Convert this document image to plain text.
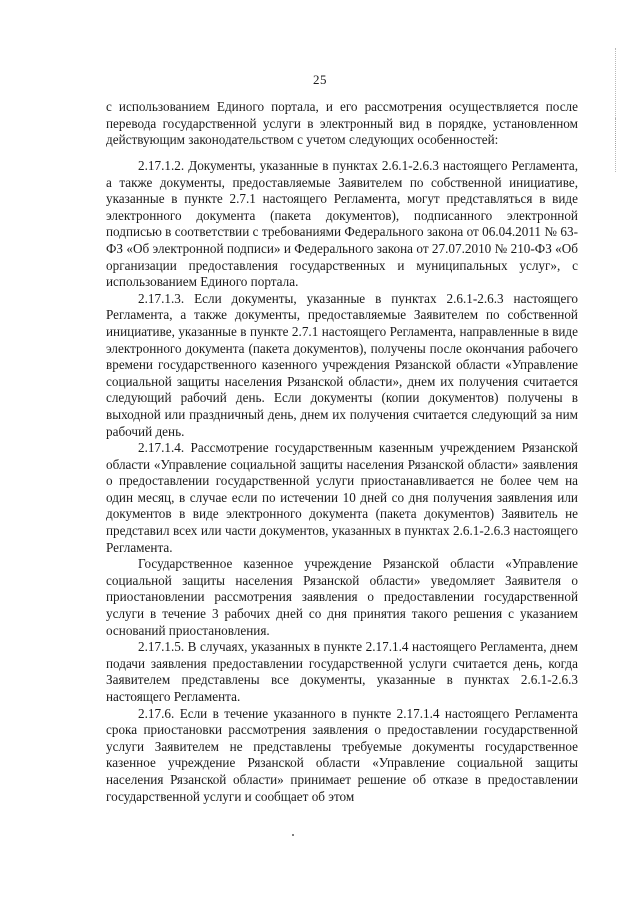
25
с использованием Единого портала, и его рассмотрения осуществляется после перевода государственной услуги в электронный вид в порядке, установленном действующим законодательством с учетом следующих особенностей:

2.17.1.2. Документы, указанные в пунктах 2.6.1-2.6.3 настоящего Регламента, а также документы, предоставляемые Заявителем по собственной инициативе, указанные в пункте 2.7.1 настоящего Регламента, могут представляться в виде электронного документа (пакета документов), подписанного электронной подписью в соответствии с требованиями Федерального закона от 06.04.2011 № 63-ФЗ «Об электронной подписи» и Федерального закона от 27.07.2010 № 210-ФЗ «Об организации предоставления государственных и муниципальных услуг», с использованием Единого портала.

2.17.1.3. Если документы, указанные в пунктах 2.6.1-2.6.3 настоящего Регламента, а также документы, предоставляемые Заявителем по собственной инициативе, указанные в пункте 2.7.1 настоящего Регламента, направленные в виде электронного документа (пакета документов), получены после окончания рабочего времени государственного казенного учреждения Рязанской области «Управление социальной защиты населения Рязанской области», днем их получения считается следующий рабочий день. Если документы (копии документов) получены в выходной или праздничный день, днем их получения считается следующий за ним рабочий день.

2.17.1.4. Рассмотрение государственным казенным учреждением Рязанской области «Управление социальной защиты населения Рязанской области» заявления о предоставлении государственной услуги приостанавливается не более чем на один месяц, в случае если по истечении 10 дней со дня получения заявления или документов в виде электронного документа (пакета документов) Заявитель не представил всех или части документов, указанных в пунктах 2.6.1-2.6.3 настоящего Регламента.

Государственное казенное учреждение Рязанской области «Управление социальной защиты населения Рязанской области» уведомляет Заявителя о приостановлении рассмотрения заявления о предоставлении государственной услуги в течение 3 рабочих дней со дня принятия такого решения с указанием оснований приостановления.

2.17.1.5. В случаях, указанных в пункте 2.17.1.4 настоящего Регламента, днем подачи заявления предоставлении государственной услуги считается день, когда Заявителем представлены все документы, указанные в пунктах 2.6.1-2.6.3 настоящего Регламента.

2.17.6. Если в течение указанного в пункте 2.17.1.4 настоящего Регламента срока приостановки рассмотрения заявления о предоставлении государственной услуги Заявителем не представлены требуемые документы государственное казенное учреждение Рязанской области «Управление социальной защиты населения Рязанской области» принимает решение об отказе в предоставлении государственной услуги и сообщает об этом
